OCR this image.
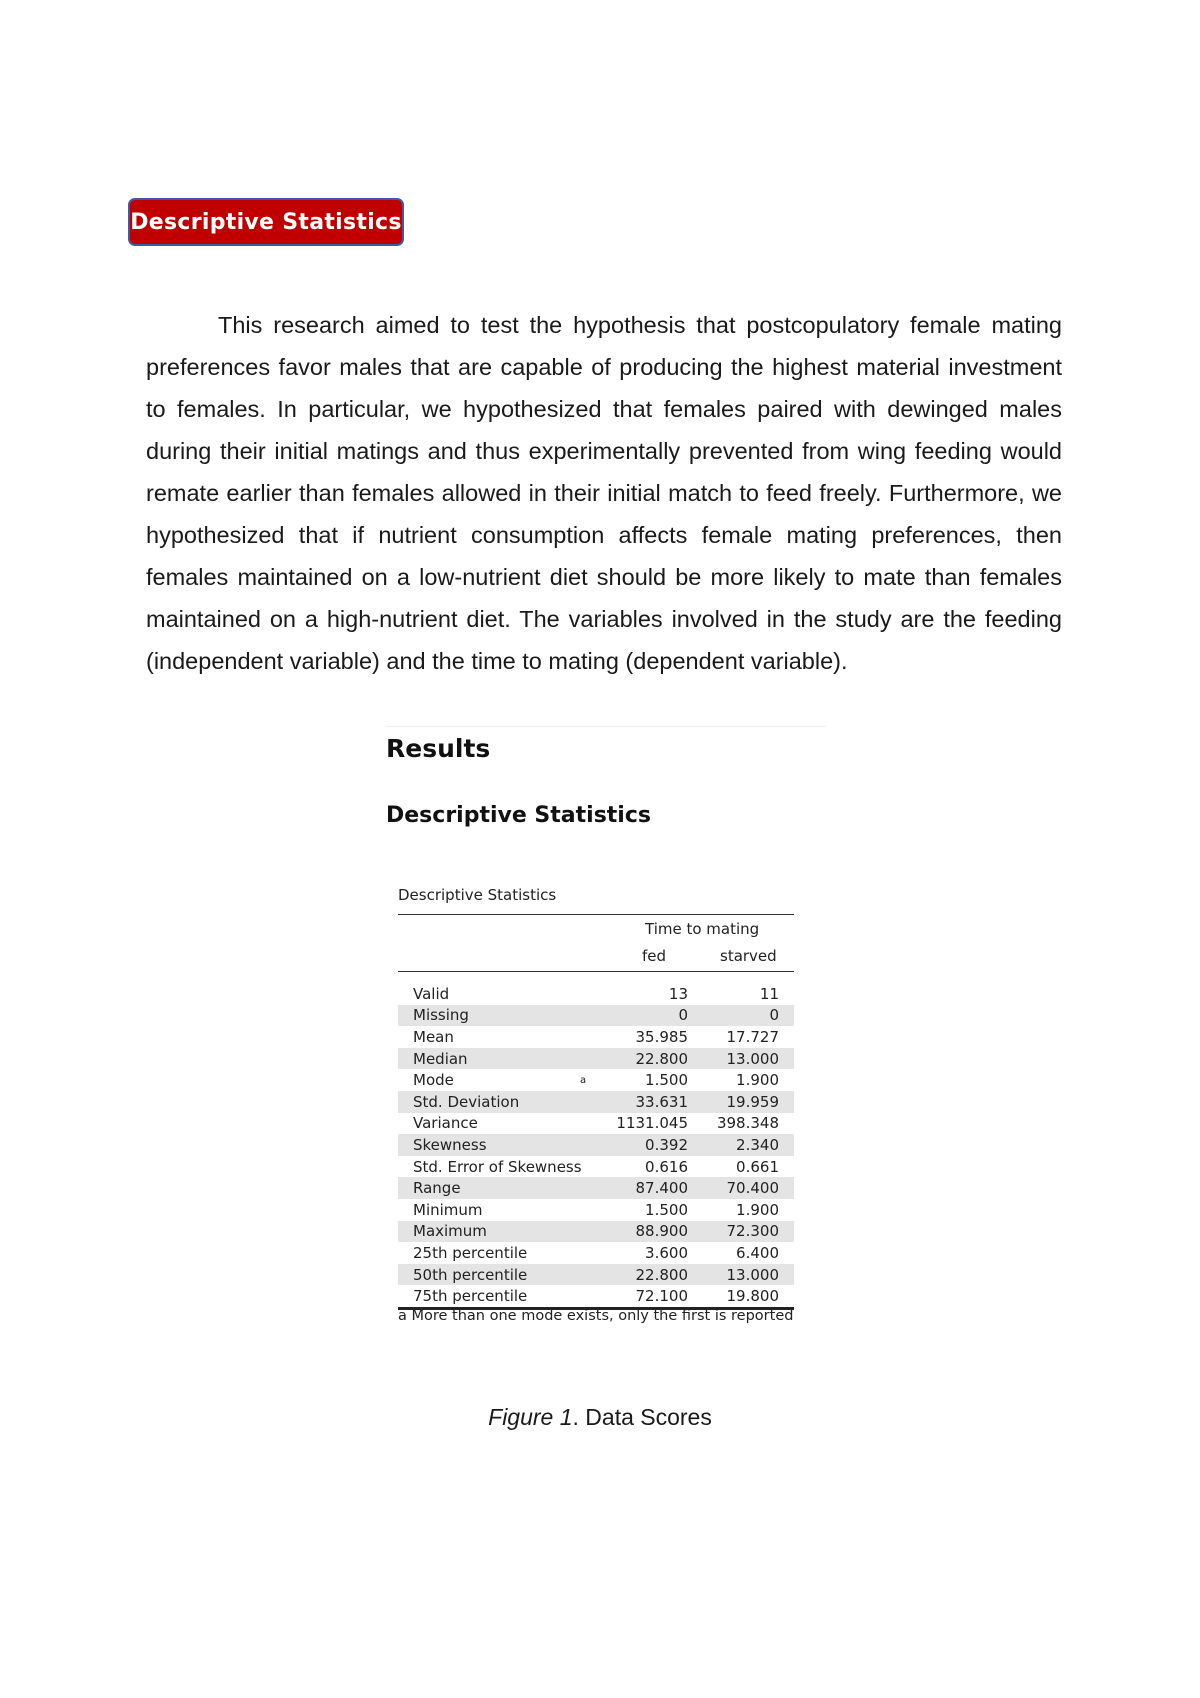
Descriptive Statistics

This research aimed to test the hypothesis that postcopulatory female mating preferences favor males that are capable of producing the highest material investment to females. In particular, we hypothesized that females paired with dewinged males during their initial matings and thus experimentally prevented from wing feeding would remate earlier than females allowed in their initial match to feed freely. Furthermore, we hypothesized that if nutrient consumption affects female mating preferences, then females maintained on a low-nutrient diet should be more likely to mate than females maintained on a high-nutrient diet. The variables involved in the study are the feeding (independent variable) and the time to mating (dependent variable).

Results
Descriptive Statistics
Descriptive Statistics
Time to mating
fed	starved
Valid	13	11
Missing	0	0
Mean	35.985	17.727
Median	22.800	13.000
Mode	a	1.500	1.900
Std. Deviation	33.631	19.959
Variance	1131.045 398.348
Skewness	0.392	2.340
Std. Error of Skewness	0.616	0.661
Range	87.400	70.400
Minimum	1.500	1.900
Maximum	88.900	72.300
25th percentile	3.600	6.400
50th percentile	22.800	13.000
75th percentile	72.100	19.800
a More than one mode exists, only the first is reported
Figure 1. Data Scores
